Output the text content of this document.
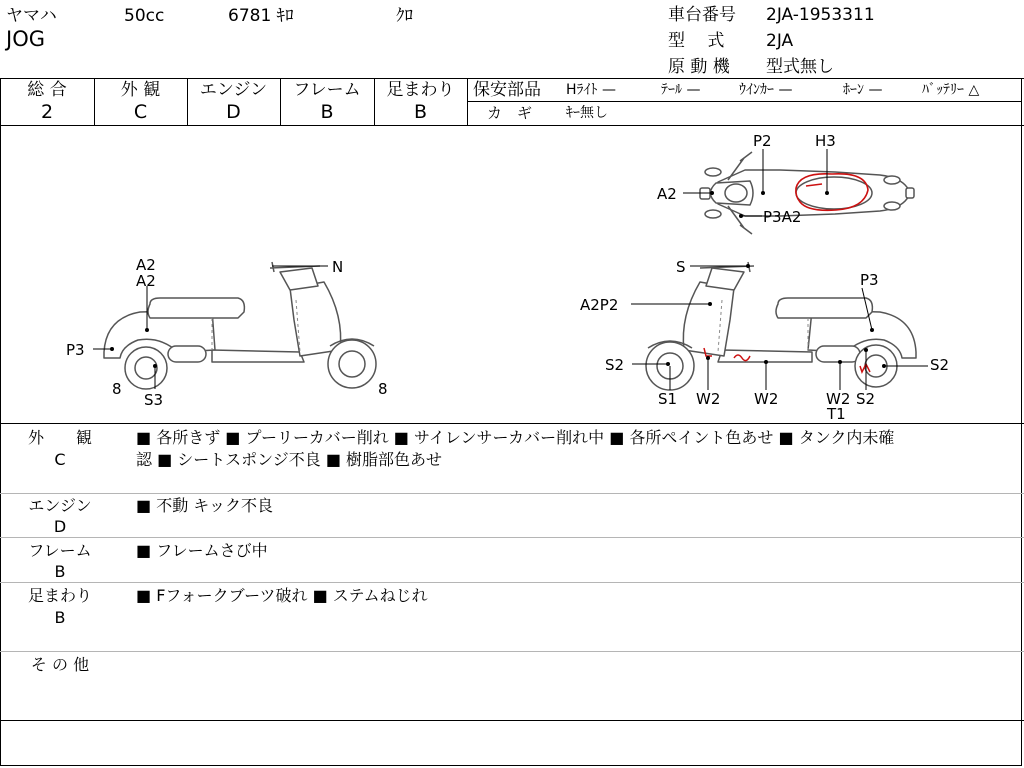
ヤマハ	50cc	6781 ｷﾛ	ｸﾛ
JOG
車台番号 2JA-1953311
型　 式 2JA
原 動 機 型式無し
総 合	外 観	エンジン	フレーム	足まわり
2	C	D	B	B
保安部品 Hﾗｲﾄ —	ﾃｰﾙ —	ｳｲﾝｶｰ —	ﾎｰﾝ —	ﾊﾞｯﾃﾘｰ △
カ　ギ ｷｰ無し
P2	H3
A2
P3A2
A2
A2
N
P3
8
S3
8
S
P3
A2P2
S2	S2
S1 W2 W2	W2 S2
T1
外　　観
C
■ 各所きず ■ プーリーカバー削れ ■ サイレンサーカバー削れ中 ■ 各所ペイント色あせ ■ タンク内未確
認 ■ シートスポンジ不良 ■ 樹脂部色あせ
エンジン
D
■ 不動 キック不良
フレーム
B
■ フレームさび中
足まわり
B
■ Fフォークブーツ破れ ■ ステムねじれ
そ の 他
